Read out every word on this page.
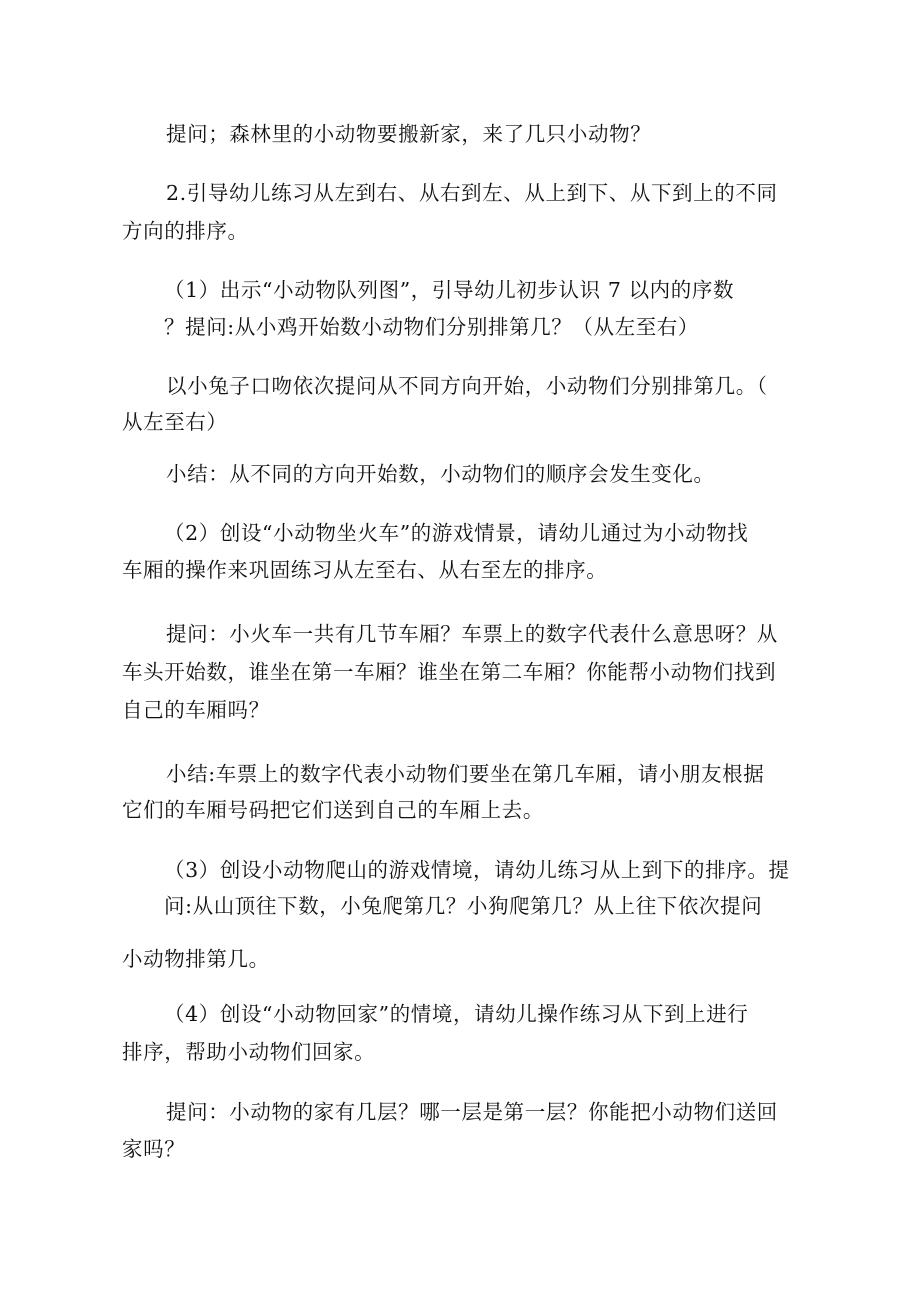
提问；森林里的小动物要搬新家，来了几只小动物？
2.引导幼儿练习从左到右、从右到左、从上到下、从下到上的不同
方向的排序。
（1）出示“小动物队列图”，引导幼儿初步认识 7 以内的序数
？提问:从小鸡开始数小动物们分别排第几？（从左至右）
以小兔子口吻依次提问从不同方向开始，小动物们分别排第几。（
从左至右）
小结：从不同的方向开始数，小动物们的顺序会发生变化。
（2）创设“小动物坐火车”的游戏情景，请幼儿通过为小动物找
车厢的操作来巩固练习从左至右、从右至左的排序。
提问：小火车一共有几节车厢？车票上的数字代表什么意思呀？从
车头开始数，谁坐在第一车厢？谁坐在第二车厢？你能帮小动物们找到
自己的车厢吗？
小结:车票上的数字代表小动物们要坐在第几车厢，请小朋友根据
它们的车厢号码把它们送到自己的车厢上去。
（3）创设小动物爬山的游戏情境，请幼儿练习从上到下的排序。提
问:从山顶往下数，小兔爬第几？小狗爬第几？从上往下依次提问
小动物排第几。
（4）创设“小动物回家”的情境，请幼儿操作练习从下到上进行
排序，帮助小动物们回家。
提问：小动物的家有几层？哪一层是第一层？你能把小动物们送回
家吗？
